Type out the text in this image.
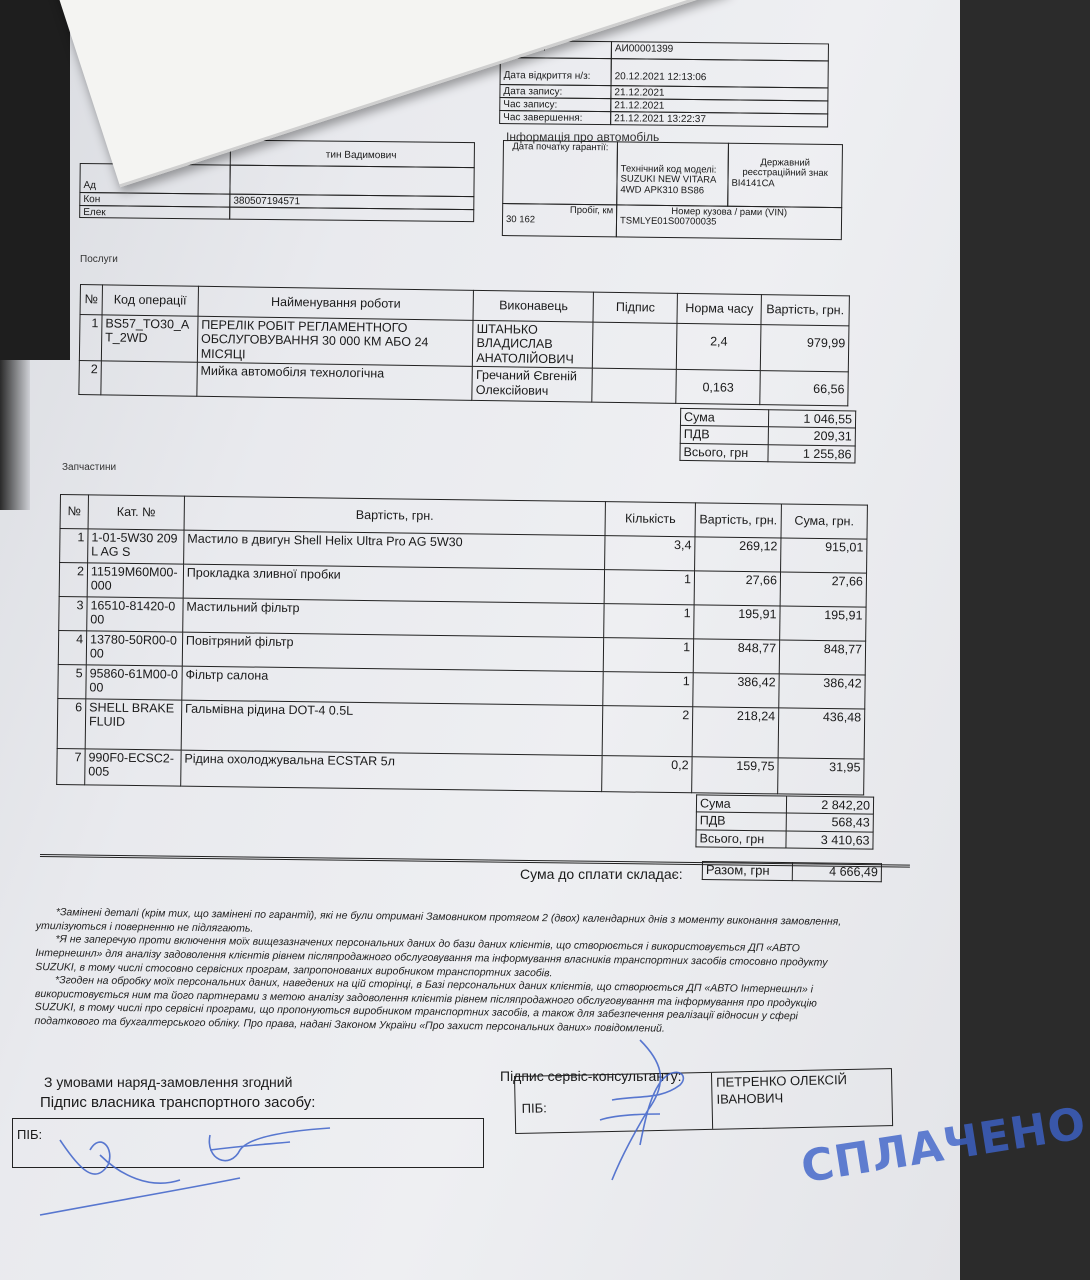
АИ00001399
Дата відкриття н/з:	20.12.2021 12:13:06
Дата запису:	21.12.2021
Час запису:	21.12.2021
Час завершення:	21.12.2021 13:22:37
тин Вадимович
Ад
Кон	380507194571
Елек
Інформація про автомобіль
Дата початку гарантії:
Технічний код моделі:
SUZUKI NEW VITARA 4WD АРК310 BS86
Державний реєстраційний знак
ВІ4141СА
Пробіг, км
30 162
Номер кузова / рами (VIN)
TSMLYE01S00700035
Послуги
№	Код операції	Найменування роботи	Виконавець	Підпис	Норма часу	Вартість, грн.
1	BS57_TO30_AT_2WD	ПЕРЕЛІК РОБІТ РЕГЛАМЕНТНОГО ОБСЛУГОВУВАННЯ 30 000 КМ АБО 24 МІСЯЦІ	ШТАНЬКО ВЛАДИСЛАВ АНАТОЛІЙОВИЧ		2,4	979,99
2		Мийка автомобіля технологічна	Гречаний Євгеній Олексійович		0,163	66,56
Сума	1 046,55
ПДВ	209,31
Всього, грн	1 255,86
Запчастини
№	Кат. №	Вартість, грн.	Кількість	Вартість, грн.	Сума, грн.
1	1-01-5W30 209 L AG S	Мастило в двигун Shell Helix Ultra Pro AG 5W30	3,4	269,12	915,01
2	11519M60M00-000	Прокладка зливної пробки	1	27,66	27,66
3	16510-81420-000	Мастильний фільтр	1	195,91	195,91
4	13780-50R00-000	Повітряний фільтр	1	848,77	848,77
5	95860-61M00-000	Фільтр салона	1	386,42	386,42
6	SHELL BRAKE FLUID	Гальмівна рідина DOT-4 0.5L	2	218,24	436,48
7	990F0-ECSC2-005	Рідина охолоджувальна ECSTAR 5л	0,2	159,75	31,95
Сума	2 842,20
ПДВ	568,43
Всього, грн	3 410,63
Сума до сплати складає: Разом, грн	4 666,49

*Замінені деталі (крім тих, що замінені по гарантії), які не були отримані Замовником протягом 2 (двох) календарних днів з моменту виконання замовлення, утилізуються і поверненню не підлягають.

*Я не заперечую проти включення моїх вищезазначених персональних даних до бази даних клієнтів, що створюється і використовується ДП «АВТО Інтернешнл» для аналізу задоволення клієнтів рівнем післяпродажного обслуговування та інформування власників транспортних засобів стосовно продукту SUZUKI, в тому числі стосовно сервісних програм, запропонованих виробником транспортних засобів.

*Згоден на обробку моїх персональних даних, наведених на цій сторінці, в Базі персональних даних клієнтів, що створюється ДП «АВТО Інтернешнл» і використовується ним та його партнерами з метою аналізу задоволення клієнтів рівнем післяпродажного обслуговування та інформування про продукцію SUZUKI, в тому числі про сервісні програми, що пропонуються виробником транспортних засобів, а також для забезпечення реалізації відносин у сфері податкового та бухгалтерського обліку. Про права, надані Законом України «Про захист персональних даних» повідомлений.

З умовами наряд-замовлення згодний
Підпис власника транспортного засобу:
ПІБ:
Підпис сервіс-консультанту:
ПІБ:
ПЕТРЕНКО ОЛЕКСІЙ ІВАНОВИЧ СПЛАЧЕНО
